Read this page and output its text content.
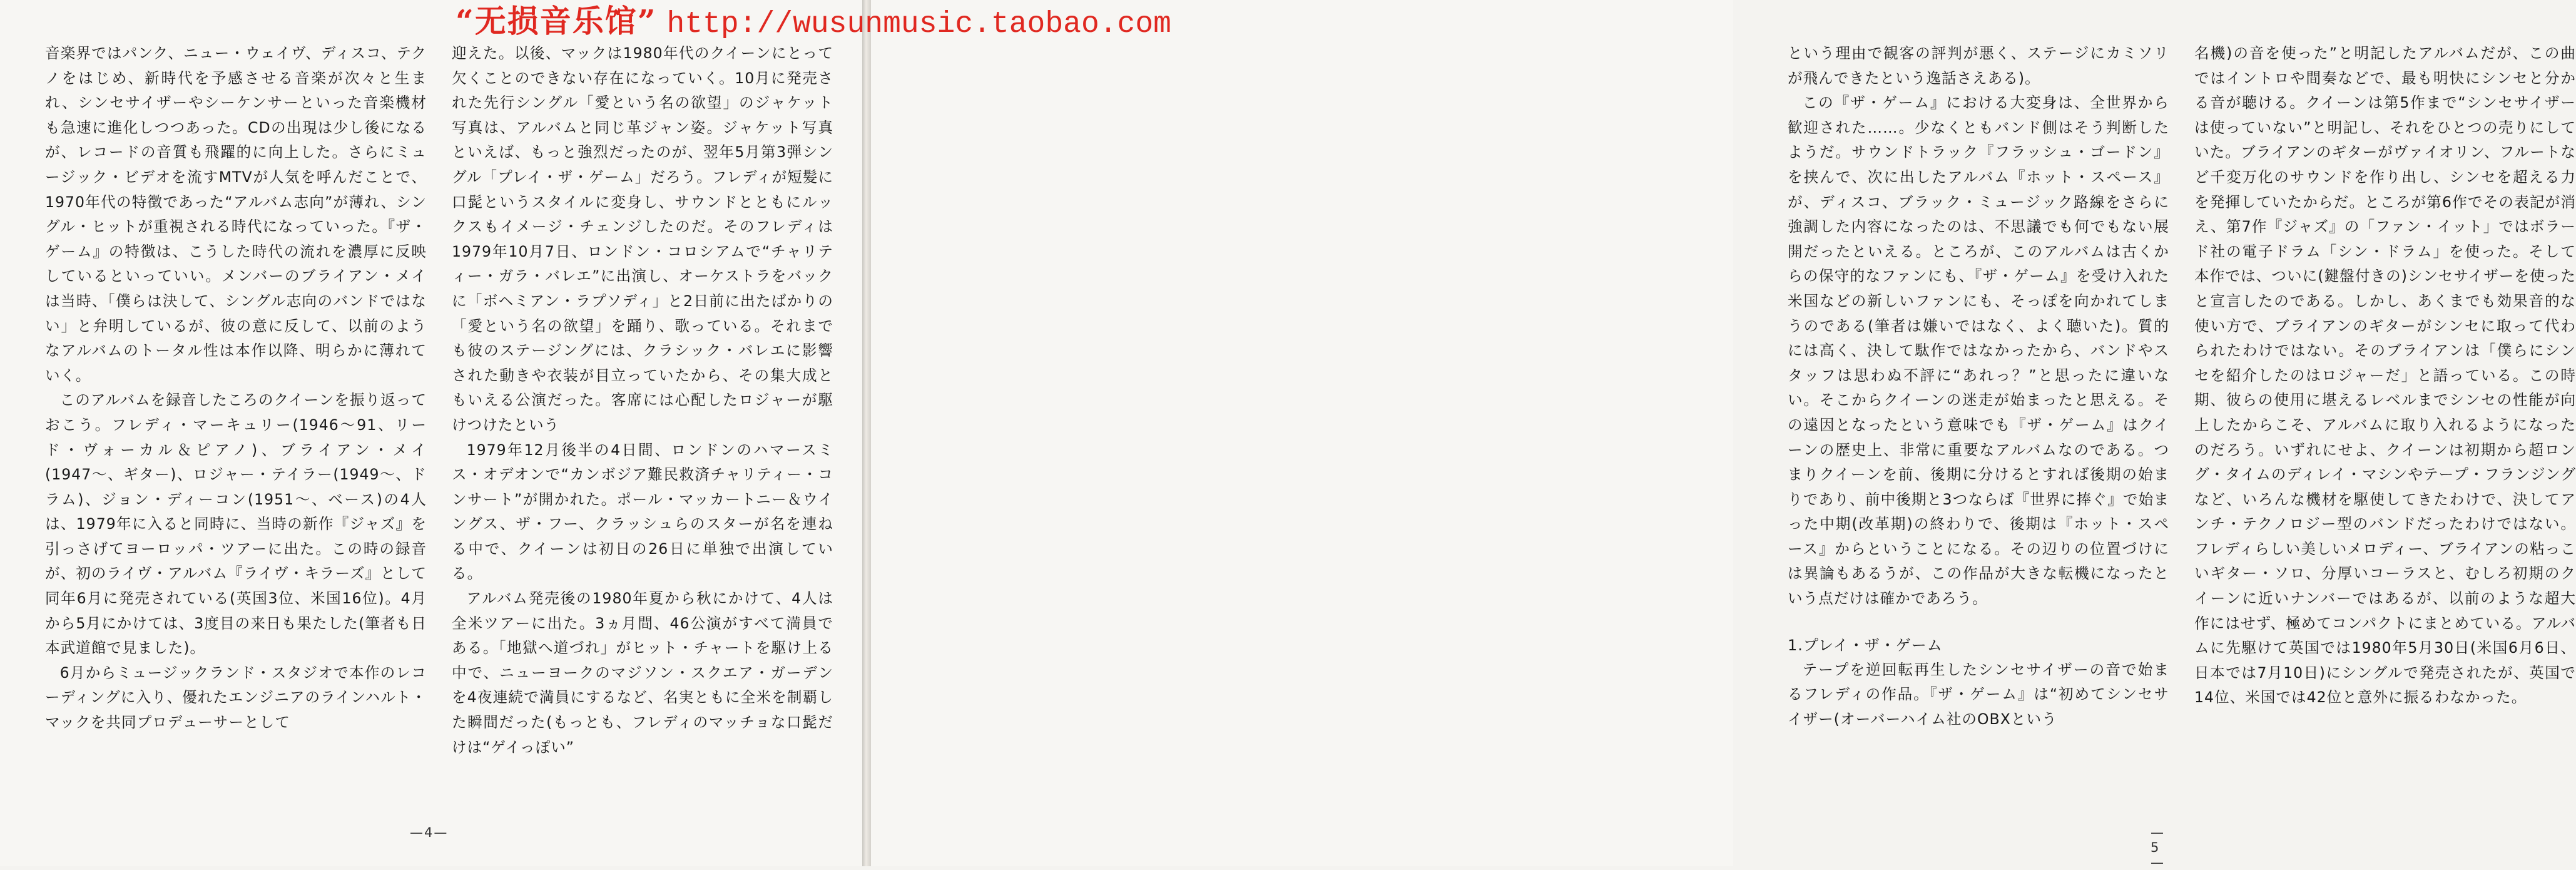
音楽界ではパンク、ニュー・ウェイヴ、ディスコ、テクノをはじめ、新時代を予感させる音楽が次々と生まれ、シンセサイザーやシーケンサーといった音楽機材も急速に進化しつつあった。CDの出現は少し後になるが、レコードの音質も飛躍的に向上した。さらにミュージック・ビデオを流すMTVが人気を呼んだことで、1970年代の特徴であった“アルバム志向”が薄れ、シングル・ヒットが重視される時代になっていった。『ザ・ゲーム』の特徴は、こうした時代の流れを濃厚に反映しているといっていい。メンバーのブライアン・メイは当時、「僕らは決して、シングル志向のバンドではない」と弁明しているが、彼の意に反して、以前のようなアルバムのトータル性は本作以降、明らかに薄れていく。

このアルバムを録音したころのクイーンを振り返っておこう。フレディ・マーキュリー(1946〜91、リード・ヴォーカル＆ピアノ)、ブライアン・メイ(1947〜、ギター)、ロジャー・テイラー(1949〜、ドラム)、ジョン・ディーコン(1951〜、ベース)の4人は、1979年に入ると同時に、当時の新作『ジャズ』を引っさげてヨーロッパ・ツアーに出た。この時の録音が、初のライヴ・アルバム『ライヴ・キラーズ』として同年6月に発売されている(英国3位、米国16位)。4月から5月にかけては、3度目の来日も果たした(筆者も日本武道館で見ました)。

6月からミュージックランド・スタジオで本作のレコーディングに入り、優れたエンジニアのラインハルト・マックを共同プロデューサーとして

迎えた。以後、マックは1980年代のクイーンにとって欠くことのできない存在になっていく。10月に発売された先行シングル「愛という名の欲望」のジャケット写真は、アルバムと同じ革ジャン姿。ジャケット写真といえば、もっと強烈だったのが、翌年5月第3弾シングル「プレイ・ザ・ゲーム」だろう。フレディが短髪に口髭というスタイルに変身し、サウンドとともにルックスもイメージ・チェンジしたのだ。そのフレディは1979年10月7日、ロンドン・コロシアムで“チャリティー・ガラ・バレエ”に出演し、オーケストラをバックに「ボヘミアン・ラプソディ」と2日前に出たばかりの「愛という名の欲望」を踊り、歌っている。それまでも彼のステージングには、クラシック・バレエに影響された動きや衣装が目立っていたから、その集大成ともいえる公演だった。客席には心配したロジャーが駆けつけたという

1979年12月後半の4日間、ロンドンのハマースミス・オデオンで“カンボジア難民救済チャリティー・コンサート”が開かれた。ポール・マッカートニー＆ウイングス、ザ・フー、クラッシュらのスターが名を連ねる中で、クイーンは初日の26日に単独で出演している。

アルバム発売後の1980年夏から秋にかけて、4人は全米ツアーに出た。3ヵ月間、46公演がすべて満員である。「地獄へ道づれ」がヒット・チャートを駆け上る中で、ニューヨークのマジソン・スクエア・ガーデンを4夜連続で満員にするなど、名実ともに全米を制覇した瞬間だった(もっとも、フレディのマッチョな口髭だけは“ゲイっぽい”

—4—

という理由で観客の評判が悪く、ステージにカミソリが飛んできたという逸話さえある)。

この『ザ・ゲーム』における大変身は、全世界から歓迎された……。少なくともバンド側はそう判断したようだ。サウンドトラック『フラッシュ・ゴードン』を挟んで、次に出したアルバム『ホット・スペース』が、ディスコ、ブラック・ミュージック路線をさらに強調した内容になったのは、不思議でも何でもない展開だったといえる。ところが、このアルバムは古くからの保守的なファンにも、『ザ・ゲーム』を受け入れた米国などの新しいファンにも、そっぽを向かれてしまうのである(筆者は嫌いではなく、よく聴いた)。質的には高く、決して駄作ではなかったから、バンドやスタッフは思わぬ不評に“あれっ？”と思ったに違いない。そこからクイーンの迷走が始まったと思える。その遠因となったという意味でも『ザ・ゲーム』はクイーンの歴史上、非常に重要なアルバムなのである。つまりクイーンを前、後期に分けるとすれば後期の始まりであり、前中後期と3つならば『世界に捧ぐ』で始まった中期(改革期)の終わりで、後期は『ホット・スペース』からということになる。その辺りの位置づけには異論もあるうが、この作品が大きな転機になったという点だけは確かであろう。

1.プレイ・ザ・ゲーム

テープを逆回転再生したシンセサイザーの音で始まるフレディの作品。『ザ・ゲーム』は“初めてシンセサイザー(オーバーハイム社のOBXという

名機)の音を使った”と明記したアルバムだが、この曲ではイントロや間奏などで、最も明快にシンセと分かる音が聴ける。クイーンは第5作まで“シンセサイザーは使っていない”と明記し、それをひとつの売りにしていた。ブライアンのギターがヴァイオリン、フルートなど千変万化のサウンドを作り出し、シンセを超える力を発揮していたからだ。ところが第6作でその表記が消え、第7作『ジャズ』の「ファン・イット」ではボラード社の電子ドラム「シン・ドラム」を使った。そして本作では、ついに(鍵盤付きの)シンセサイザーを使ったと宣言したのである。しかし、あくまでも効果音的な使い方で、ブライアンのギターがシンセに取って代わられたわけではない。そのブライアンは「僕らにシンセを紹介したのはロジャーだ」と語っている。この時期、彼らの使用に堪えるレベルまでシンセの性能が向上したからこそ、アルバムに取り入れるようになったのだろう。いずれにせよ、クイーンは初期から超ロング・タイムのディレイ・マシンやテープ・フランジングなど、いろんな機材を駆使してきたわけで、決してアンチ・テクノロジー型のバンドだったわけではない。フレディらしい美しいメロディー、ブライアンの粘っこいギター・ソロ、分厚いコーラスと、むしろ初期のクイーンに近いナンバーではあるが、以前のような超大作にはせず、極めてコンパクトにまとめている。アルバムに先駆けて英国では1980年5月30日(米国6月6日、日本では7月10日)にシングルで発売されたが、英国で14位、米国では42位と意外に振るわなかった。

—5—
“无损音乐馆” http://wusunmusic.taobao.com
